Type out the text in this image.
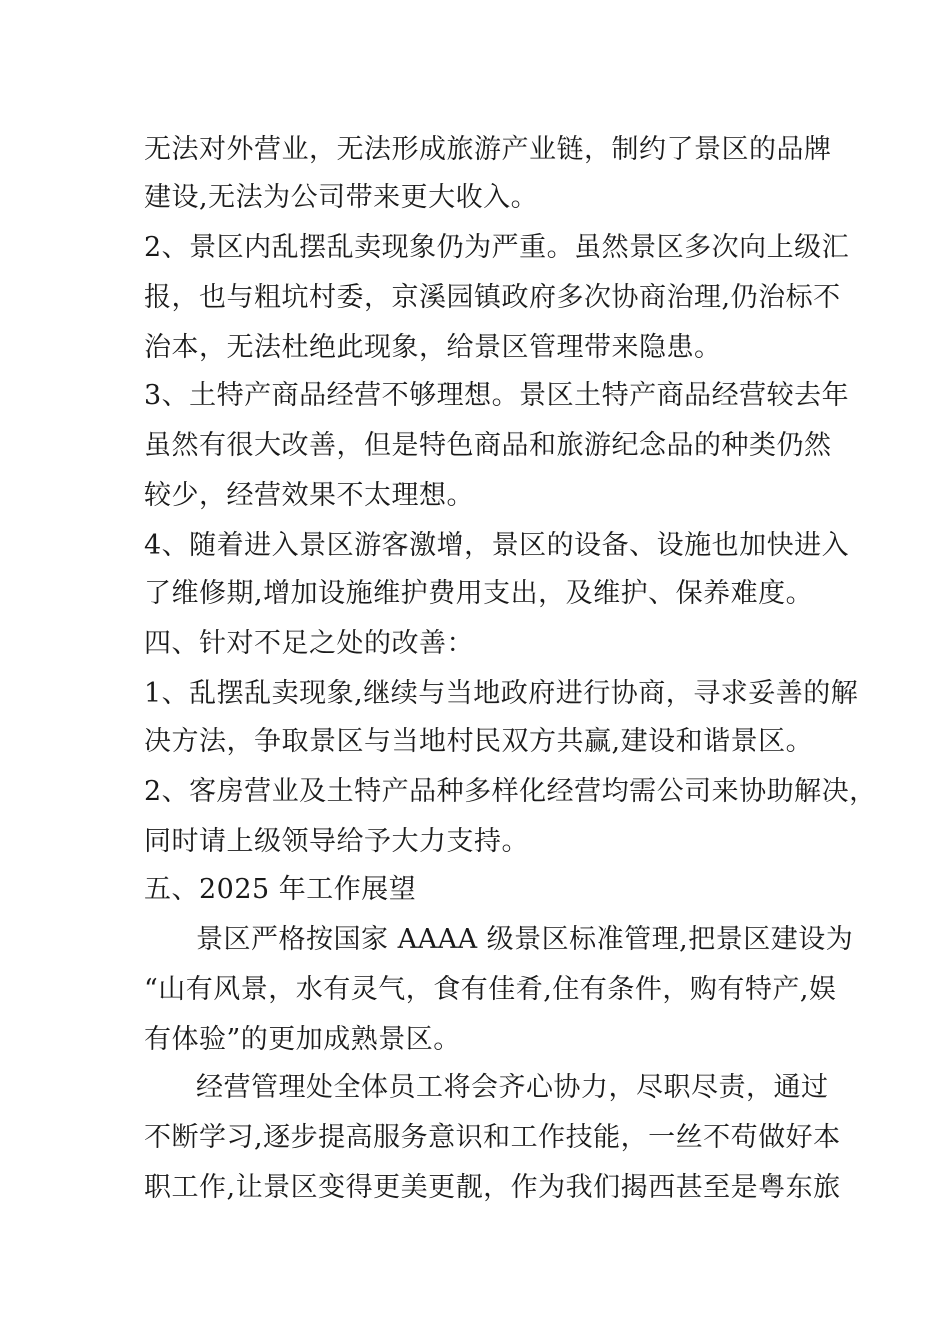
无法对外营业，无法形成旅游产业链，制约了景区的品牌
建设,无法为公司带来更大收入。
2、景区内乱摆乱卖现象仍为严重。虽然景区多次向上级汇
报，也与粗坑村委，京溪园镇政府多次协商治理,仍治标不
治本，无法杜绝此现象，给景区管理带来隐患。
3、土特产商品经营不够理想。景区土特产商品经营较去年
虽然有很大改善，但是特色商品和旅游纪念品的种类仍然
较少，经营效果不太理想。
4、随着进入景区游客激增，景区的设备、设施也加快进入
了维修期,增加设施维护费用支出，及维护、保养难度。
四、针对不足之处的改善：
1、乱摆乱卖现象,继续与当地政府进行协商，寻求妥善的解
决方法，争取景区与当地村民双方共赢,建设和谐景区。
2、客房营业及土特产品种多样化经营均需公司来协助解决，
同时请上级领导给予大力支持。
五、2025 年工作展望
景区严格按国家 AAAA 级景区标准管理,把景区建设为
“山有风景，水有灵气，食有佳肴,住有条件，购有特产,娱
有体验”的更加成熟景区。
经营管理处全体员工将会齐心协力，尽职尽责，通过
不断学习,逐步提高服务意识和工作技能，一丝不苟做好本
职工作,让景区变得更美更靓，作为我们揭西甚至是粤东旅
